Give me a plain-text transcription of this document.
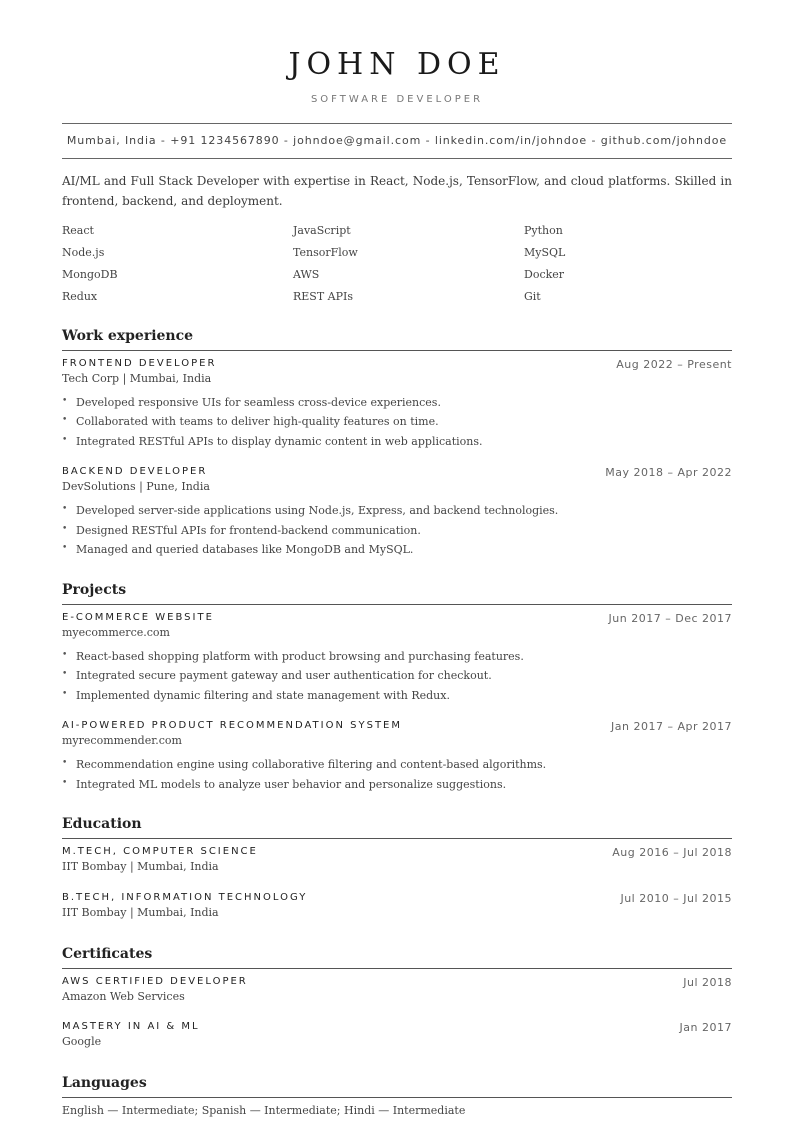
JOHN DOE
SOFTWARE DEVELOPER
Mumbai, India - +91 1234567890 - johndoe@gmail.com - linkedin.com/in/johndoe - github.com/johndoe

AI/ML and Full Stack Developer with expertise in React, Node.js, TensorFlow, and cloud platforms. Skilled in frontend, backend, and deployment.

React	JavaScript	Python
Node.js	TensorFlow	MySQL
MongoDB	AWS	Docker
Redux	REST APIs	Git
Work experience
FRONTEND DEVELOPER	Aug 2022 – Present
Tech Corp | Mumbai, India
• Developed responsive UIs for seamless cross-device experiences.
• Collaborated with teams to deliver high-quality features on time.
• Integrated RESTful APIs to display dynamic content in web applications.
BACKEND DEVELOPER	May 2018 – Apr 2022
DevSolutions | Pune, India
• Developed server-side applications using Node.js, Express, and backend technologies.
• Designed RESTful APIs for frontend-backend communication.
• Managed and queried databases like MongoDB and MySQL.
Projects
E-COMMERCE WEBSITE	Jun 2017 – Dec 2017
myecommerce.com
• React-based shopping platform with product browsing and purchasing features.
• Integrated secure payment gateway and user authentication for checkout.
• Implemented dynamic filtering and state management with Redux.
AI-POWERED PRODUCT RECOMMENDATION SYSTEM	Jan 2017 – Apr 2017
myrecommender.com
• Recommendation engine using collaborative filtering and content-based algorithms.
• Integrated ML models to analyze user behavior and personalize suggestions.
Education
M.TECH, COMPUTER SCIENCE	Aug 2016 – Jul 2018
IIT Bombay | Mumbai, India
B.TECH, INFORMATION TECHNOLOGY	Jul 2010 – Jul 2015
IIT Bombay | Mumbai, India
Certificates
AWS CERTIFIED DEVELOPER	Jul 2018
Amazon Web Services
MASTERY IN AI & ML	Jan 2017
Google
Languages
English — Intermediate; Spanish — Intermediate; Hindi — Intermediate
